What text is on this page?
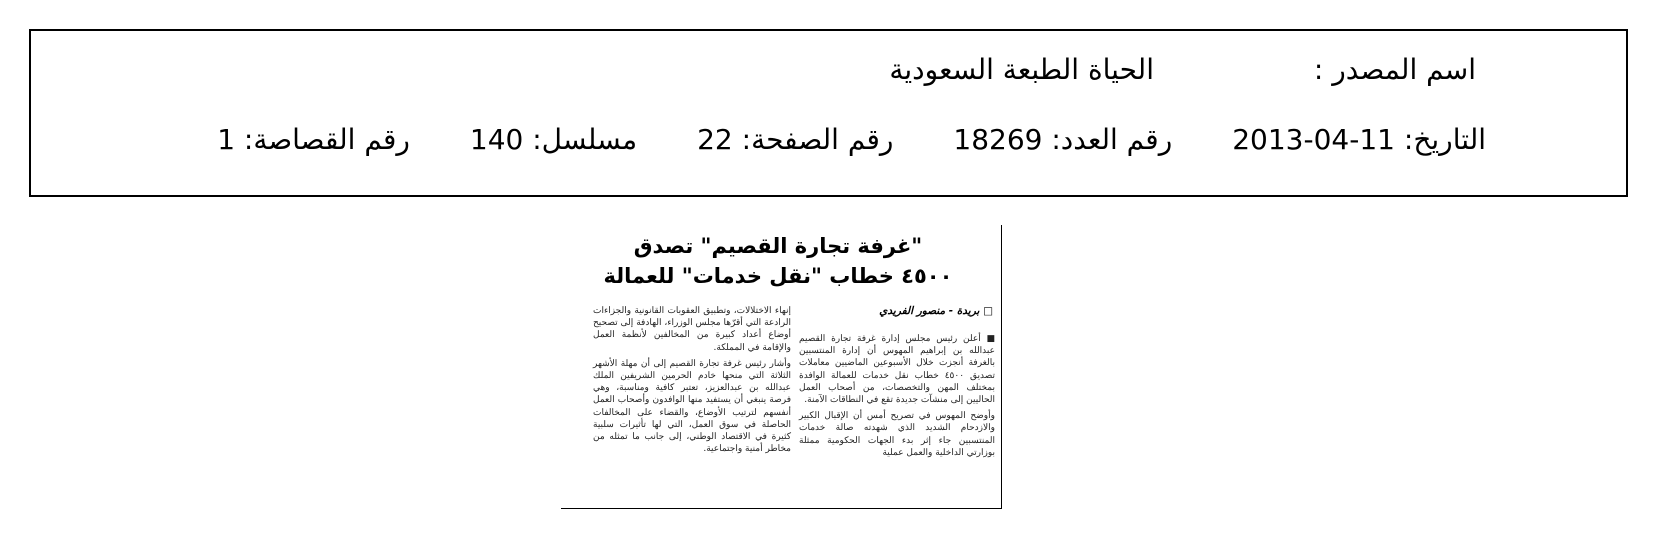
اسم المصدر :
الحياة الطبعة السعودية
التاريخ: 11-04-2013
رقم العدد: 18269
رقم الصفحة: 22
مسلسل: 140
رقم القصاصة: 1
"غرفة تجارة القصيم" تصدق
٤٥٠٠ خطاب "نقل خدمات" للعمالة
□ بريدة - منصور الفريدي

■ أعلن رئيس مجلس إدارة غرفة تجارة القصيم عبدالله بن إبراهيم المهوس أن إدارة المنتسبين بالغرفة أنجزت خلال الأسبوعين الماضيين معاملات تصديق ٤٥٠٠ خطاب نقل خدمات للعمالة الوافدة بمختلف المهن والتخصصات، من أصحاب العمل الحاليين إلى منشآت جديدة تقع في النطاقات الآمنة.

وأوضح المهوس في تصريح أمس أن الإقبال الكبير والازدحام الشديد الذي شهدته صالة خدمات المنتسبين جاء إثر بدء الجهات الحكومية ممثلة بوزارتي الداخلية والعمل عملية

إنهاء الاختلالات، وتطبيق العقوبات القانونية والجزاءات الرادعة التي أقرّها مجلس الوزراء، الهادفة إلى تصحيح أوضاع أعداد كبيرة من المخالفين لأنظمة العمل والإقامة في المملكة.

وأشار رئيس غرفة تجارة القصيم إلى أن مهلة الأشهر الثلاثة التي منحها خادم الحرمين الشريفين الملك عبدالله بن عبدالعزيز، تعتبر كافية ومناسبة، وهي فرصة ينبغي أن يستفيد منها الوافدون وأصحاب العمل أنفسهم لترتيب الأوضاع، والقضاء على المخالفات الحاصلة في سوق العمل، التي لها تأثيرات سلبية كثيرة في الاقتصاد الوطني، إلى جانب ما تمثله من مخاطر أمنية واجتماعية.
